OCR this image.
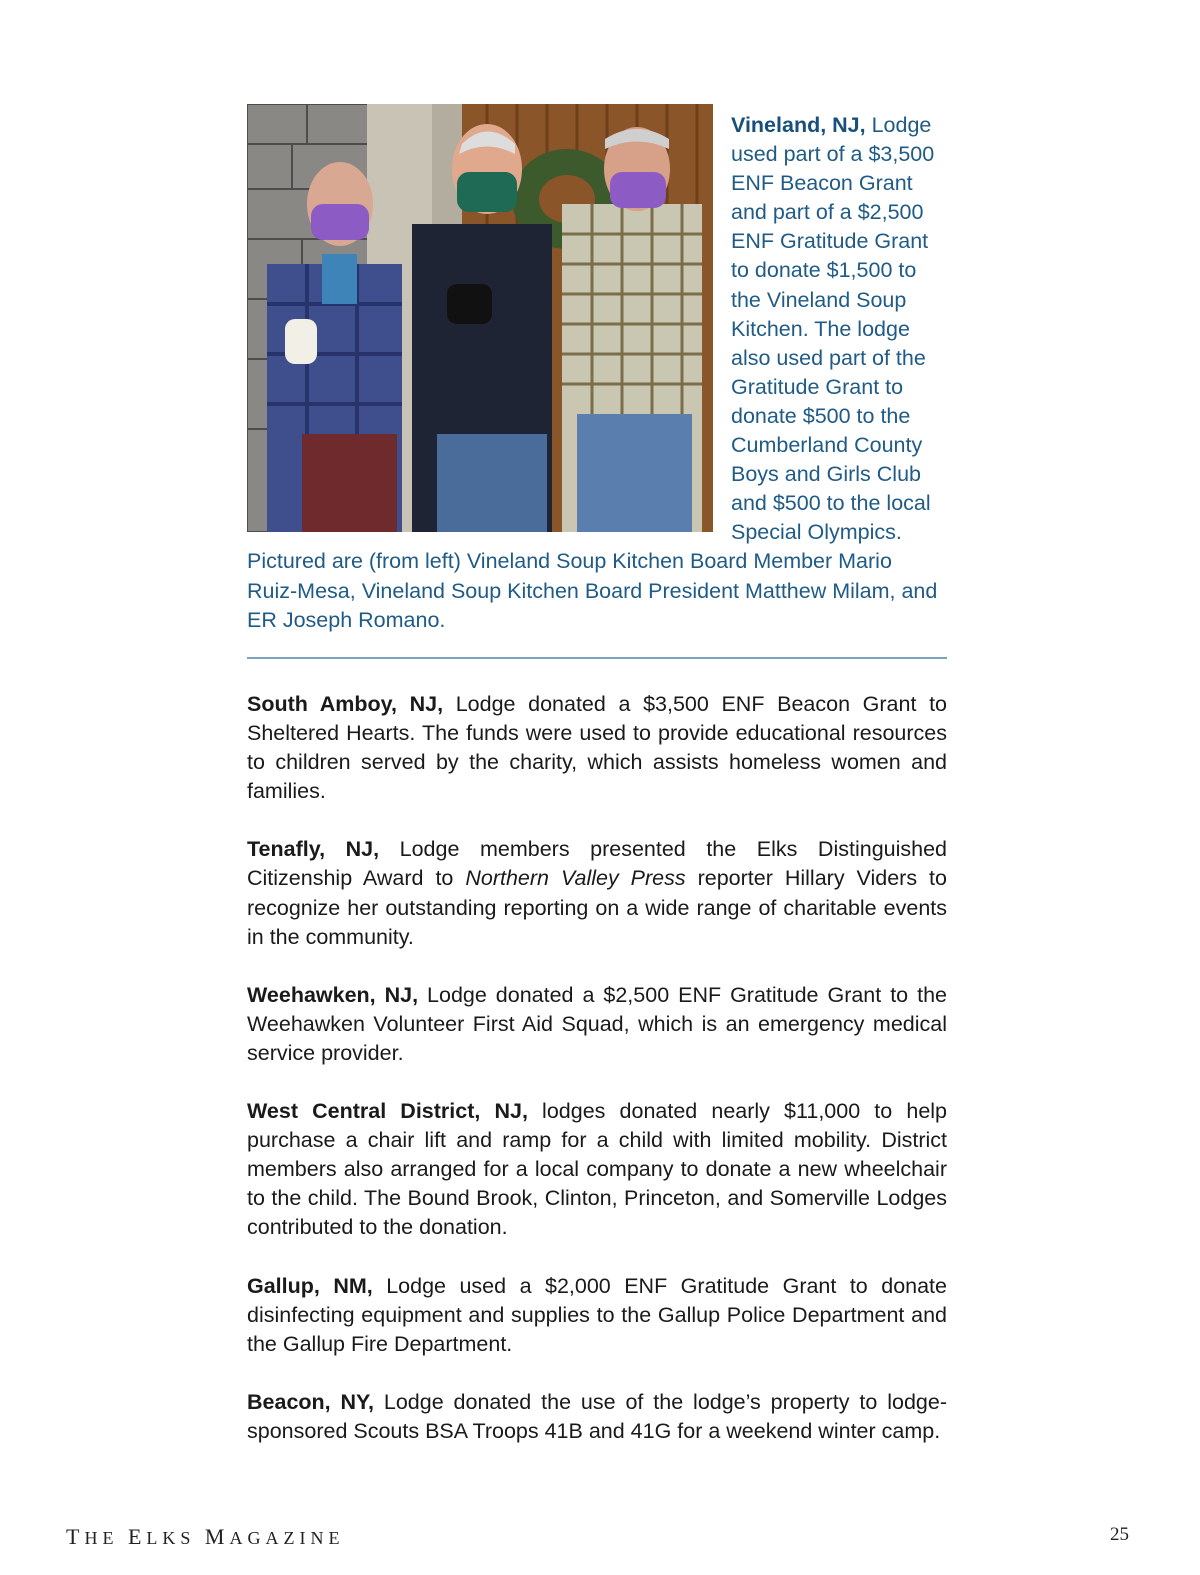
Vineland, NJ, Lodge used part of a $3,500 ENF Beacon Grant and part of a $2,500 ENF Gratitude Grant to donate $1,500 to the Vineland Soup Kitchen. The lodge also used part of the Gratitude Grant to donate $500 to the Cumberland County Boys and Girls Club and $500 to the local Special Olympics. Pictured are (from left) Vineland Soup Kitchen Board Member Mario Ruiz-Mesa, Vineland Soup Kitchen Board President Matthew Milam, and ER Joseph Romano.

South Amboy, NJ, Lodge donated a $3,500 ENF Beacon Grant to Sheltered Hearts. The funds were used to provide educational resources to children served by the charity, which assists homeless women and families.

Tenafly, NJ, Lodge members presented the Elks Distinguished Citizenship Award to Northern Valley Press reporter Hillary Viders to recognize her outstanding reporting on a wide range of charitable events in the community.

Weehawken, NJ, Lodge donated a $2,500 ENF Gratitude Grant to the Weehawken Volunteer First Aid Squad, which is an emergency medical service provider.

West Central District, NJ, lodges donated nearly $11,000 to help purchase a chair lift and ramp for a child with limited mobility. District members also arranged for a local company to donate a new wheelchair to the child. The Bound Brook, Clinton, Princeton, and Somerville Lodges contributed to the donation.

Gallup, NM, Lodge used a $2,000 ENF Gratitude Grant to donate disinfecting equipment and supplies to the Gallup Police Department and the Gallup Fire Department.

Beacon, NY, Lodge donated the use of the lodge’s property to lodge-sponsored Scouts BSA Troops 41B and 41G for a weekend winter camp.

THE ELKS MAGAZINE	25
